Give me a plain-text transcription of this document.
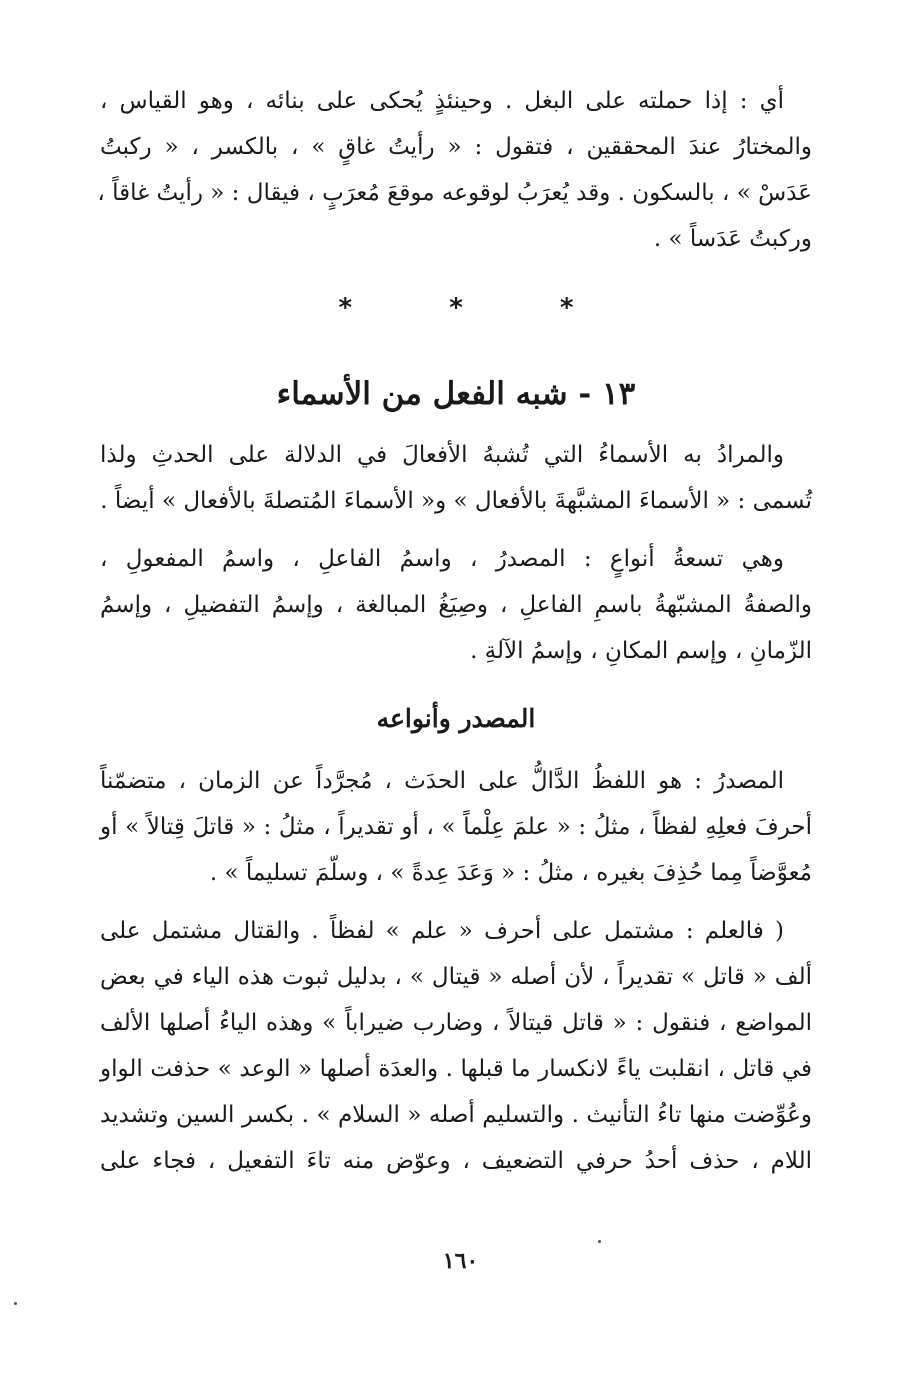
أي : إذا حملته على البغل . وحينئذٍ يُحكى على بنائه ، وهو القياس ،
والمختارُ عندَ المحققين ، فتقول : « رأيتُ غاقٍ » ، بالكسر ، « ركبتُ
عَدَسْ » ، بالسكون . وقد يُعرَبُ لوقوعه موقعَ مُعرَبٍ ، فيقال : « رأيتُ غاقاً ،
وركبتُ عَدَساً » .
* * *
١٣ - شبه الفعل من الأسماء
والمرادُ به الأسماءُ التي تُشبهُ الأفعالَ في الدلالة على الحدثِ ولذا
تُسمى : « الأسماءَ المشبَّهةَ بالأفعال » و« الأسماءَ المُتصلةَ بالأفعال » أيضاً .
وهي تسعةُ أنواعٍ : المصدرُ ، واسمُ الفاعلِ ، واسمُ المفعولِ ،
والصفةُ المشبّهةُ باسمِ الفاعلِ ، وصِيَغُ المبالغة ، وإسمُ التفضيلِ ، وإسمُ
الزّمانِ ، وإسم المكانِ ، وإسمُ الآلةِ .
المصدر وأنواعه
المصدرُ : هو اللفظُ الدَّالُّ على الحدَث ، مُجرَّداً عن الزمان ، متضمّناً
أحرفَ فعلِهِ لفظاً ، مثلُ : « علمَ عِلْماً » ، أو تقديراً ، مثلُ : « قاتلَ قِتالاً » أو
مُعوَّضاً مِما حُذِفَ بغيره ، مثلُ : « وَعَدَ عِدةً » ، وسلّمَ تسليماً » .
( فالعلم : مشتمل على أحرف « علم » لفظاً . والقتال مشتمل على
ألف « قاتل » تقديراً ، لأن أصله « قيتال » ، بدليل ثبوت هذه الياء في بعض
المواضع ، فنقول : « قاتل قيتالاً ، وضارب ضيراباً » وهذه الياءُ أصلها الألف
في قاتل ، انقلبت ياءً لانكسار ما قبلها . والعدَة أصلها « الوعد » حذفت الواو
وعُوِّضت منها تاءُ التأنيث . والتسليم أصله « السلام » . بكسر السين وتشديد
اللام ، حذف أحدُ حرفي التضعيف ، وعوّض منه تاءَ التفعيل ، فجاء على
١٦٠
